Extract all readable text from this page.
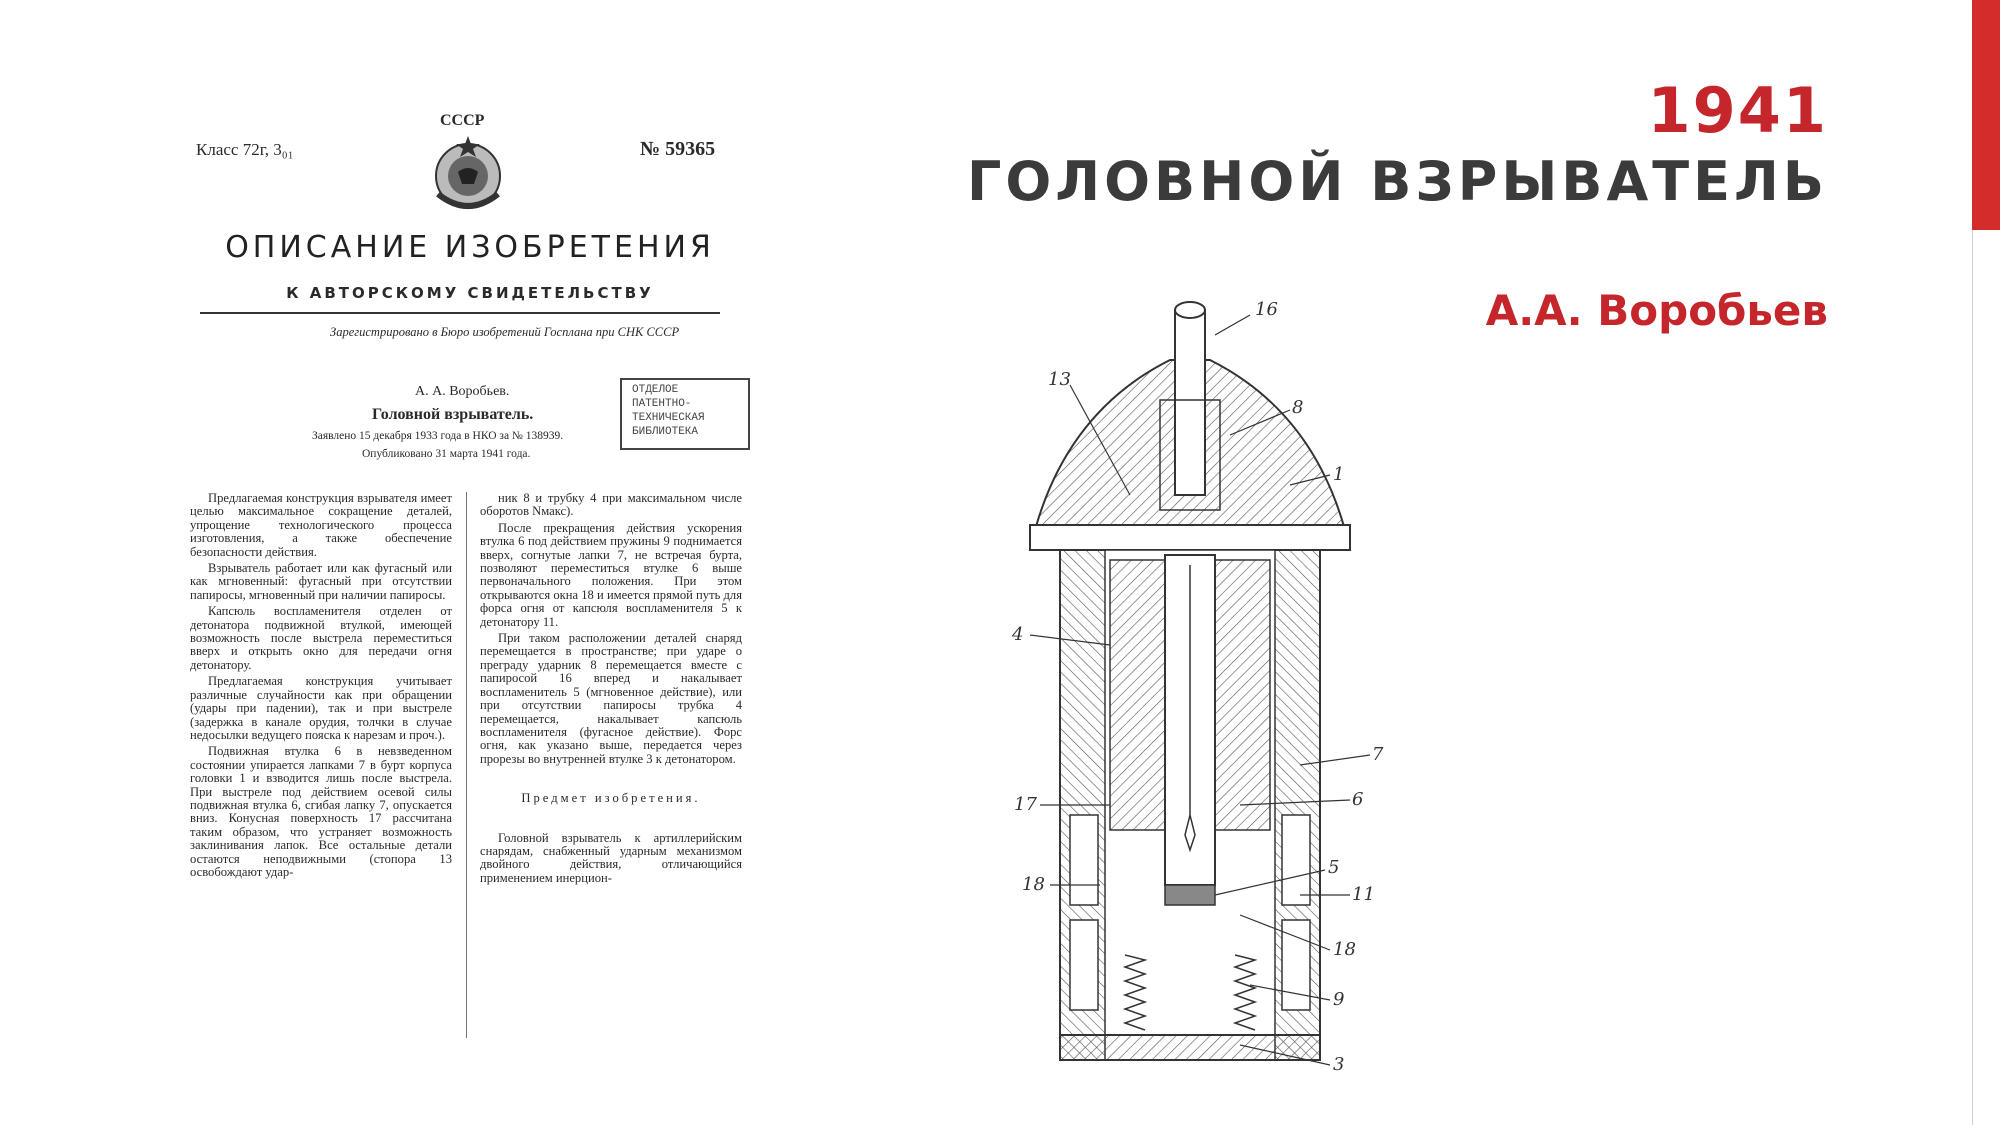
1941
ГОЛОВНОЙ ВЗРЫВАТЕЛЬ
А.А. Воробьев
СССР
Класс 72г, 3₀₁	№ 59365
ОПИСАНИЕ ИЗОБРЕТЕНИЯ
К АВТОРСКОМУ СВИДЕТЕЛЬСТВУ
Зарегистрировано в Бюро изобретений Госплана при СНК СССР
А. А. Воробьев.
Головной взрыватель.
Заявлено 15 декабря 1933 года в НКО за № 138939.
Опубликовано 31 марта 1941 года.
ОТДЕЛОЕ
ПАТЕНТНО-
ТЕХНИЧЕСКАЯ
БИБЛИОТЕКА

Предлагаемая конструкция взрывателя имеет целью максимальное сокращение деталей, упрощение технологического процесса изготовления, а также обеспечение безопасности действия.

Взрыватель работает или как фугасный или как мгновенный: фугасный при отсутствии папиросы, мгновенный при наличии папиросы.

Капсюль воспламенителя отделен от детонатора подвижной втулкой, имеющей возможность после выстрела переместиться вверх и открыть окно для передачи огня детонатору.

Предлагаемая конструкция учитывает различные случайности как при обращении (удары при падении), так и при выстреле (задержка в канале орудия, толчки в случае недосылки ведущего пояска к нарезам и проч.).

Подвижная втулка 6 в невзведенном состоянии упирается лапками 7 в бурт корпуса головки 1 и взводится лишь после выстрела. При выстреле под действием осевой силы подвижная втулка 6, сгибая лапку 7, опускается вниз. Конусная поверхность 17 рассчитана таким образом, что устраняет возможность заклинивания лапок. Все остальные детали остаются неподвижными (стопора 13 освобождают удар-

ник 8 и трубку 4 при максимальном числе оборотов Nмакс).

После прекращения действия ускорения втулка 6 под действием пружины 9 поднимается вверх, согнутые лапки 7, не встречая бурта, позволяют переместиться втулке 6 выше первоначального положения. При этом открываются окна 18 и имеется прямой путь для форса огня от капсюля воспламенителя 5 к детонатору 11.

При таком расположении деталей снаряд перемещается в пространстве; при ударе о преграду ударник 8 перемещается вместе с папиросой 16 вперед и накалывает воспламенитель 5 (мгновенное действие), или при отсутствии папиросы трубка 4 перемещается, накалывает капсюль воспламенителя (фугасное действие). Форс огня, как указано выше, передается через прорезы во внутренней втулке 3 к детонатором.

Предмет изобретения.

Головной взрыватель к артиллерийским снарядам, снабженный ударным механизмом двойного действия, отличающийся применением инерцион-

16
13
8
1
4
7
17	6
5
18	11
18
9
3
